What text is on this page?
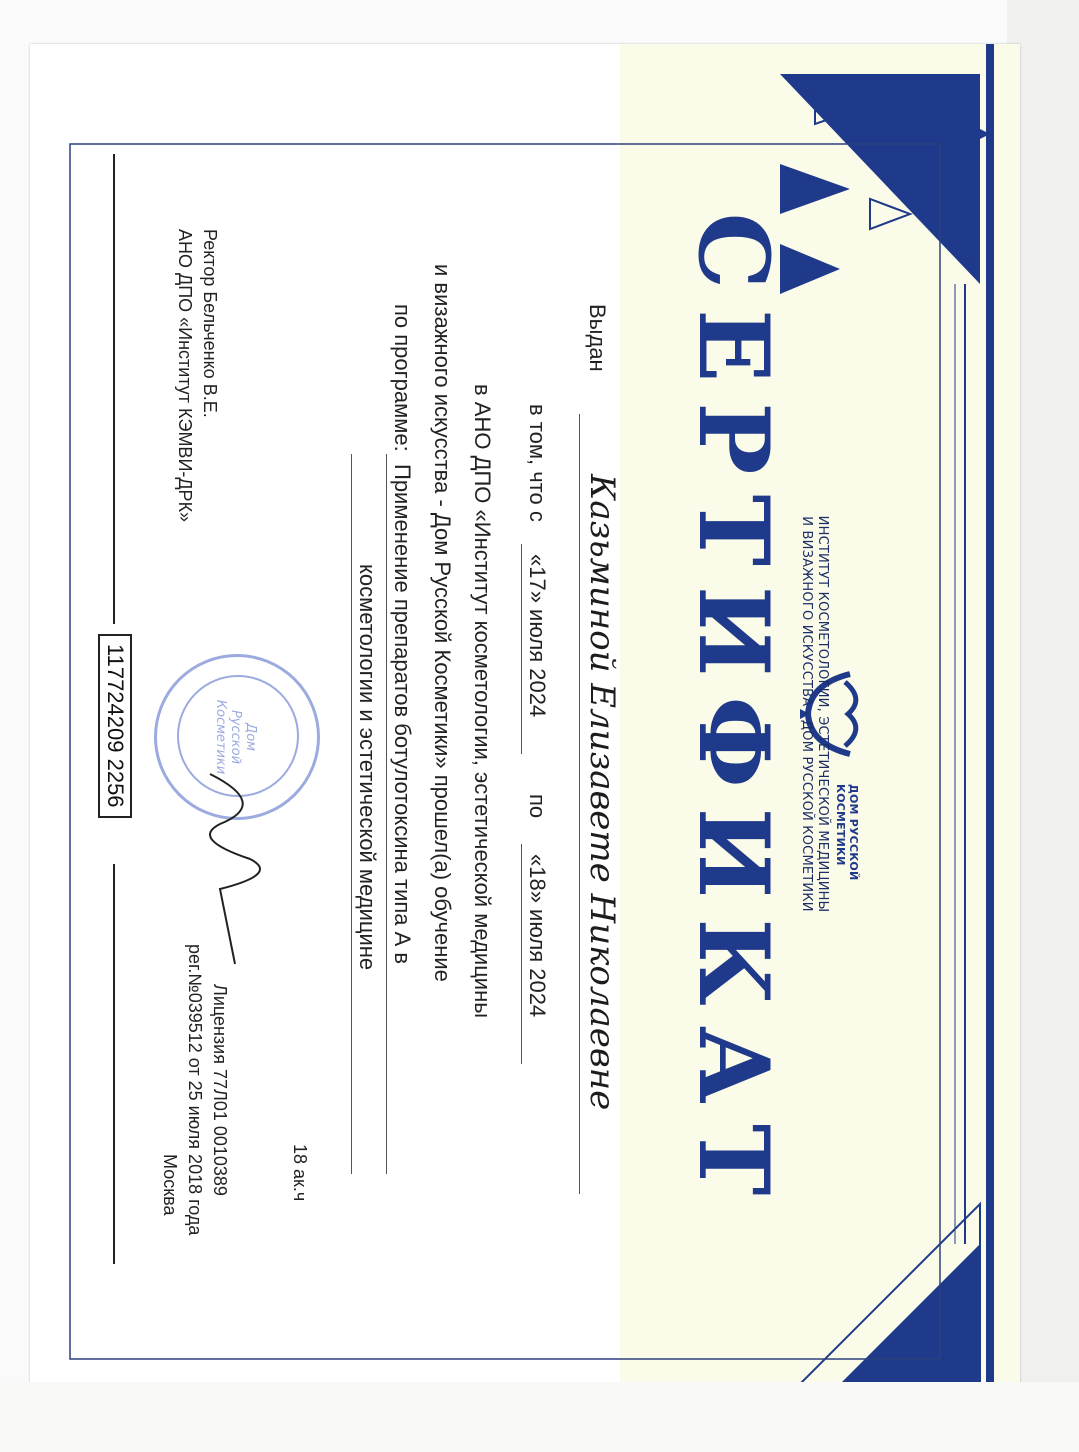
СЕРТИФИКАТ	ДОМ РУССКОЙ КОСМЕТИКИ
ИНСТИТУТ КОСМЕТОЛОГИИ, ЭСТЕТИЧЕСКОЙ МЕДИЦИНЫ
И ВИЗАЖНОГО ИСКУССТВА - ДОМ РУССКОЙ КОСМЕТИКИ
Выдан
Казьминой Елизавете Николаевне
в том, что с
«17» июля 2024
по
«18» июля 2024
в АНО ДПО «Институт косметологии, эстетической медицины
и визажного искусства - Дом Русской Косметики» прошел(а) обучение
по программе:
Применение препаратов ботулотоксина типа А в
косметологии и эстетической медицине
18 ак.ч
Ректор Бельченко В.Е.
АНО ДПО «Институт КЭМВИ-ДРК»
Дом Русской Косметики
Лицензия 77Л01 0010389
рег.№039512 от 25 июля 2018 года
Москва
117724209 2256
